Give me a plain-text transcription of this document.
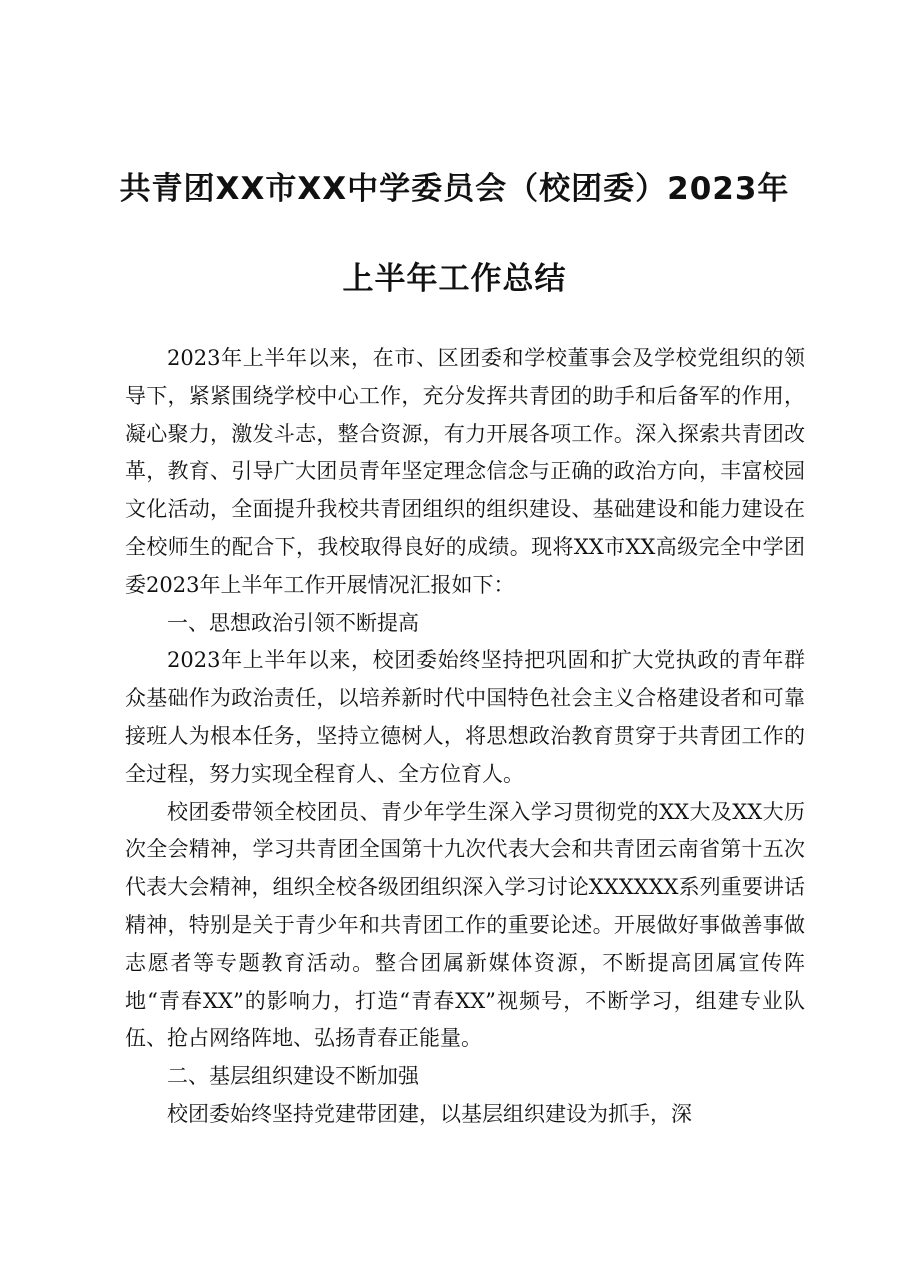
共青团XX市XX中学委员会（校团委）2023年
上半年工作总结

2023年上半年以来，在市、区团委和学校董事会及学校党组织的领导下，紧紧围绕学校中心工作，充分发挥共青团的助手和后备军的作用，凝心聚力，激发斗志，整合资源，有力开展各项工作。深入探索共青团改革，教育、引导广大团员青年坚定理念信念与正确的政治方向，丰富校园文化活动，全面提升我校共青团组织的组织建设、基础建设和能力建设在全校师生的配合下，我校取得良好的成绩。现将XX市XX高级完全中学团委2023年上半年工作开展情况汇报如下：

一、思想政治引领不断提高

2023年上半年以来，校团委始终坚持把巩固和扩大党执政的青年群众基础作为政治责任，以培养新时代中国特色社会主义合格建设者和可靠接班人为根本任务，坚持立德树人，将思想政治教育贯穿于共青团工作的全过程，努力实现全程育人、全方位育人。

校团委带领全校团员、青少年学生深入学习贯彻党的XX大及XX大历次全会精神，学习共青团全国第十九次代表大会和共青团云南省第十五次代表大会精神，组织全校各级团组织深入学习讨论XXXXXX系列重要讲话精神，特别是关于青少年和共青团工作的重要论述。开展做好事做善事做志愿者等专题教育活动。整合团属新媒体资源，不断提高团属宣传阵地“青春XX”的影响力，打造“青春XX”视频号，不断学习，组建专业队伍、抢占网络阵地、弘扬青春正能量。

二、基层组织建设不断加强

校团委始终坚持党建带团建，以基层组织建设为抓手，深
